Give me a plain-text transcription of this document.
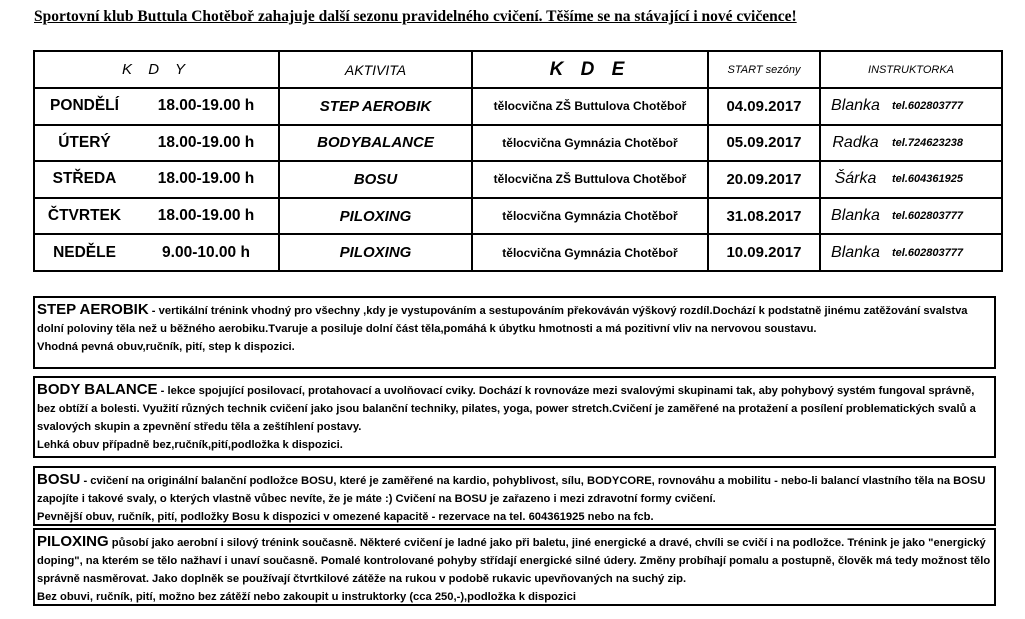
Sportovní klub Buttula Chotěboř zahajuje další sezonu pravidelného cvičení. Těšíme se na stávající i nové cvičence!
K D Y		AKTIVITA	K D E	START sezóny	INSTRUKTORKA	
PONDĚLÍ	18.00-19.00 h	STEP AEROBIK	tělocvična ZŠ Buttulova Chotěboř	04.09.2017	Blanka	tel.602803777
ÚTERÝ	18.00-19.00 h	BODYBALANCE	tělocvična Gymnázia Chotěboř	05.09.2017	Radka	tel.724623238
STŘEDA	18.00-19.00 h	BOSU	tělocvična ZŠ Buttulova Chotěboř	20.09.2017	Šárka	tel.604361925
ČTVRTEK	18.00-19.00 h	PILOXING	tělocvična Gymnázia Chotěboř	31.08.2017	Blanka	tel.602803777
NEDĚLE	9.00-10.00 h	PILOXING	tělocvična Gymnázia Chotěboř	10.09.2017	Blanka	tel.602803777
STEP AEROBIK - vertikální trénink vhodný pro všechny ,kdy je vystupováním a sestupováním překováván výškový rozdíl.Dochází k podstatně jinému zatěžování svalstva dolní poloviny těla než u běžného aerobiku.Tvaruje a posiluje dolní část těla,pomáhá k úbytku hmotnosti a má pozitivní vliv na nervovou soustavu.
Vhodná pevná obuv,ručník, pití, step k dispozici.
BODY BALANCE - lekce spojující posilovací, protahovací a uvolňovací cviky. Dochází k rovnováze mezi svalovými skupinami tak, aby pohybový systém fungoval správně, bez obtíží a bolesti. Využití různých technik cvičení jako jsou balanční techniky, pilates, yoga, power stretch.Cvičení je zaměřené na protažení a posílení problematických svalů a svalových skupin a zpevnění středu těla a zeštíhlení postavy.
Lehká obuv případně bez,ručník,pití,podložka k dispozici.
BOSU - cvičení na originální balanční podložce BOSU, které je zaměřené na kardio, pohyblivost, sílu, BODYCORE, rovnováhu a mobilitu - nebo-li balancí vlastního těla na BOSU zapojíte i takové svaly, o kterých vlastně vůbec nevíte, že je máte :) Cvičení na BOSU je zařazeno i mezi zdravotní formy cvičení.
Pevnější obuv, ručník, pití, podložky Bosu k dispozici v omezené kapacitě - rezervace na tel. 604361925 nebo na fcb.
PILOXING působí jako aerobní i silový trénink současně. Některé cvičení je ladné jako při baletu, jiné energické a dravé, chvíli se cvičí i na podložce. Trénink je jako "energický doping", na kterém se tělo nažhaví i unaví současně. Pomalé kontrolované pohyby střídají energické silné údery. Změny probíhají pomalu a postupně, člověk má tedy možnost tělo správně nasměrovat. Jako doplněk se používají čtvrtkilové zátěže na rukou v podobě rukavic upevňovaných na suchý zip.
Bez obuvi, ručník, pití, možno bez zátěží nebo zakoupit u instruktorky (cca 250,-),podložka k dispozici
